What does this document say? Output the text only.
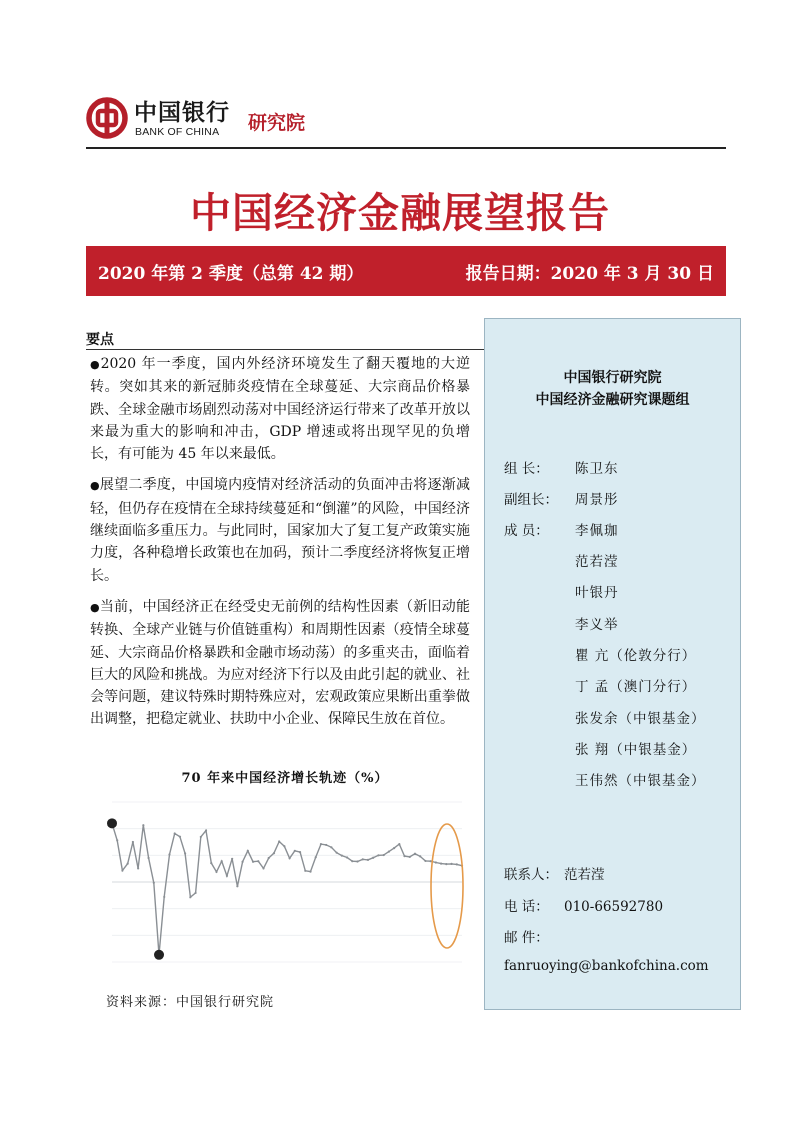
中国银行
BANK OF CHINA 研究院
中国经济金融展望报告
2020 年第 2 季度（总第 42 期）	报告日期：2020 年 3 月 30 日
要点

●2020 年一季度，国内外经济环境发生了翻天覆地的大逆转。突如其来的新冠肺炎疫情在全球蔓延、大宗商品价格暴跌、全球金融市场剧烈动荡对中国经济运行带来了改革开放以来最为重大的影响和冲击，GDP 增速或将出现罕见的负增长，有可能为 45 年以来最低。

●展望二季度，中国境内疫情对经济活动的负面冲击将逐渐减轻，但仍存在疫情在全球持续蔓延和“倒灌”的风险，中国经济继续面临多重压力。与此同时，国家加大了复工复产政策实施力度，各种稳增长政策也在加码，预计二季度经济将恢复正增长。

●当前，中国经济正在经受史无前例的结构性因素（新旧动能转换、全球产业链与价值链重构）和周期性因素（疫情全球蔓延、大宗商品价格暴跌和金融市场动荡）的多重夹击，面临着巨大的风险和挑战。为应对经济下行以及由此引起的就业、社会等问题，建议特殊时期特殊应对，宏观政策应果断出重拳做出调整，把稳定就业、扶助中小企业、保障民生放在首位。

70 年来中国经济增长轨迹（%）
资料来源：中国银行研究院
中国银行研究院
中国经济金融研究课题组
组 长： 陈卫东
副组长： 周景彤
成 员： 李佩珈
范若滢
叶银丹
李义举
瞿 亢（伦敦分行）
丁 孟（澳门分行）
张发余（中银基金）
张 翔（中银基金）
王伟然（中银基金）
联系人： 范若滢
电 话： 010-66592780
邮 件：
fanruoying@bankofchina.com
